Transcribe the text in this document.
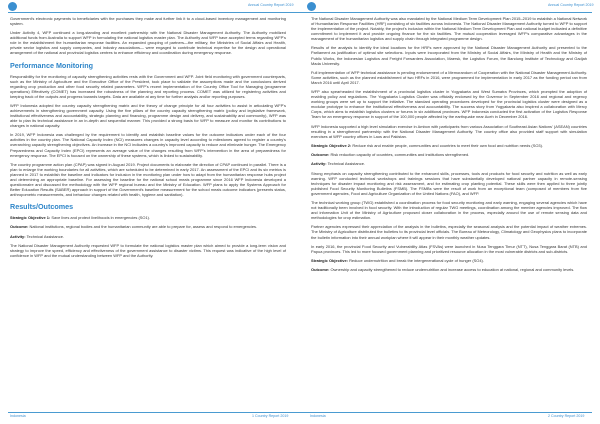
Annual Country Report 2019	Annual Country Report 2019

Government's electronic payments to beneficiaries with the purchases they make and further link it to a cloud-based inventory management and monitoring system.

Under Activity 4, WFP continued a long-standing and excellent partnership with the National Disaster Management Authority. The Authority mobilized additional funds from Australia to support WFP in formulating the national logistics master plan. The Authority and WFP have accepted terms regarding WFP's role in the establishment the humanitarian response facilities. An expanded grouping of partners—the military, the Ministries of Social Affairs and Health, private sector logistics and supply companies, and industry associations— were engaged to contribute technical expertise for the design and operational arrangement of the national and provincial logistics centres to enhance efficiency and coordination during emergency response.

Performance Monitoring

Responsibility for the monitoring of capacity strengthening activities rests with the Government and WFP. Joint field monitoring with government counterparts, such as the Ministry of Agriculture and the Executive Office of the President, took place to validate the assumptions made and the conclusions derived regarding crop production and other food security related parameters. WFP's recent implementation of the Country Office Tool for Managing (programme operations) Effectively (COMET) has increased the robustness of the planning and reporting process. COMET was utilized for registering activities and keeping track of the outputs and progress towards targets. Data are available at any time for further analysis and/or reporting purposes.

WFP Indonesia adopted the country capacity strengthening matrix and the theory of change principle for all four activities to assist in articulating WFP's achievements in strengthening government capacity. Using the five pillars of the country capacity strengthening matrix (policy and legislative framework, institutional effectiveness and accountability, strategic planning and financing, programme design and delivery, and sustainability and community), WFP was able to plan its technical assistance in an in-depth and sequential manner. This provided a strong basis for WFP to measure and monitor its contributions to changes in national capacity.

In 2019, WFP Indonesia was challenged by the requirement to identify and establish baseline values for the outcome indicators under each of the four activities in the country plan. The National Capacity Index (NCI) measures changes in capacity level according to milestones agreed to register a country's overarching capacity strengthening objectives. An increase in the NCI indicates a country's improved capacity to reduce and eliminate hunger. The Emergency Preparedness and Capacity Index (EPCI) represents an average value of the changes resulting from WFP's intervention in the area of preparedness for emergency response. The EPCI is focused on the ownership of these systems, which is linked to sustainability.

The country programme action plan (CPAP) was signed in August 2019. Project documents to elaborate the direction of CPAP continued in parallel. There is a plan to enlarge the working boundaries for all activities, which are scheduled to be determined in early 2017. An assessment of the EPCI and its six metrics is planned in 2017 to establish the baseline and indicators for inclusion in the monitoring plan under how to adapt from the humanitarian response hubs project and determining an appropriate baseline. For assessing the baseline for the national school meals programme since 2016 WFP Indonesia developed a questionnaire and discussed the methodology with the WFP regional bureau and the Ministry of Education. WFP plans to apply the Systems Approach for Better Education Results (SABER) approach in support of the Government's baseline measurement for the school meals outcome indicators (presents status, anthropometric measurements, and behaviour changes related with health, hygiene and sanitation).

Results/Outcomes

Strategic Objective 1: Save lives and protect livelihoods in emergencies (SO1).

Outcome: National institutions, regional bodies and the humanitarian community are able to prepare for, assess and respond to emergencies.

Activity: Technical Assistance.

The National Disaster Management Authority requested WFP to formulate the national logistics master plan which aimed to provide a long-term vision and strategy to improve the speed, efficiency and effectiveness of the government assistance to disaster victims. This request was indicative of the high level of confidence in WFP and the mutual understanding between WFP and the Authority.

The National Disaster Management Authority was also mandated by the National Medium Term Development Plan 2015–2019 to establish a National Network of Humanitarian Response Facilities (HRF) consisting of six facilities across Indonesia. The National Disaster Management Authority turned to WFP to support the implementation of the project. Notably, the project's inclusion within the National Medium Term Development Plan and national budget indicated a definitive commitment to implement it and provide ongoing finance for the six facilities. The mutual cooperation leveraged WFP's comparative advantages in the management of the humanitarian logistics and supply chain through integrated programme design.

Results of the analysis to identify the ideal locations for the HRFs were approved by the National Disaster Management Authority and presented to the Parliament as justification of optimal site selections. Inputs were incorporated from the Ministry of Social Affairs, the Ministry of Health and the Ministry of Public Works, the Indonesian Logistics and Freight Forwarders Association, Maersk, the Logistics Forum, the Bandung Institute of Technology and Gadjah Mada University.

Full implementation of WFP technical assistance is pending endorsement of a Memorandum of Cooperation with the National Disaster Management Authority. Some activities, such as the planned establishment of two HRFs in 2016, were programmed for implementation in early 2017 as the funding period ran from March 2016 until April 2017.

WFP also spearheaded the establishment of a provincial logistics cluster in Yogyakarta and West Sumatra Provinces, which prompted the adoption of enabling policy and regulations. The Yogyakarta Logistics Cluster was officially endorsed by the Governor in September 2016 and regional and regency working groups were set up to support the initiative. The standard operating procedures developed for the provincial logistics cluster were designed as a modular prototype to enhance the institutional effectiveness and accountability. The success story from Yogyakarta also inspired a collaboration with Mercy Corps, which aims to establish logistics clusters or forums in six additional provinces. WFP Indonesia conducted the first activation of the Logistics Response Team for an emergency response in support of the 100,000 people affected by the earthquake near Aceh in December 2016.

WFP Indonesia supported a high level simulation exercise in Ambon with participants from various Association of Southeast Asian Nations' (ASEAN) countries resulting in a strengthened partnership with the National Disaster Management Authority. The country office also provided staff support with simulation exercises at WFP country offices in Laos and Pakistan.

Strategic Objective 2: Reduce risk and enable people, communities and countries to meet their own food and nutrition needs (SO3).

Outcome: Risk reduction capacity of countries, communities and institutions strengthened.

Activity: Technical Assistance.

Strong emphasis on capacity strengthening contributed to the enhanced skills, processes, tools and products for food security and nutrition as well as early warning. WFP conducted technical workshops and trainings sessions that have substantially developed national partner capacity in remote-sensing techniques for disaster impact monitoring and risk assessment, and for estimating crop planting potential. These skills were then applied to three jointly published Food Security Monitoring Bulletins (FSMB). The FSMBs were the result of work from an exceptional team (composed of members from five government agencies, Food and Agriculture Organization of the United Nations (FAO), and WFP.

The technical working group (TWG) established a coordination process for food security monitoring and early warning, engaging several agencies which have not traditionally been involved in food security. With the introduction of regular TWG meetings, coordination among the member agencies improved. The flow and information Unit of the Ministry of Agriculture proposed closer collaboration in the process, especially around the use of remote sensing data and methodologies for crop estimation.

Partner agencies expressed their appreciation of the analysis in the bulletins, especially the seasonal analysis and the potential impact of weather extremes. The Ministry of Agriculture distributed the bulletins to its provincial level officials. The Bureau of Meteorology, Climatology and Geophysics plans to incorporate the bulletin information into their annual workplan where it will appear in their monthly weather updates.

In early 2016, the provincial Food Security and Vulnerability Atlas (FSVAs) were launched in Nusa Tenggara Timur (NTT), Nusa Tenggara Barat (NTB) and Papua provinces. This led to more focused government planning and prioritized resource allocation in the most vulnerable districts and sub-districts.

Strategic Objective: Reduce undernutrition and break the intergenerational cycle of hunger (SO4).

Outcome: Ownership and capacity strengthened to reduce undernutrition and increase access to education at national, regional and community levels.

Indonesia	1 Country Report 2019	Indonesia	2 Country Report 2019
